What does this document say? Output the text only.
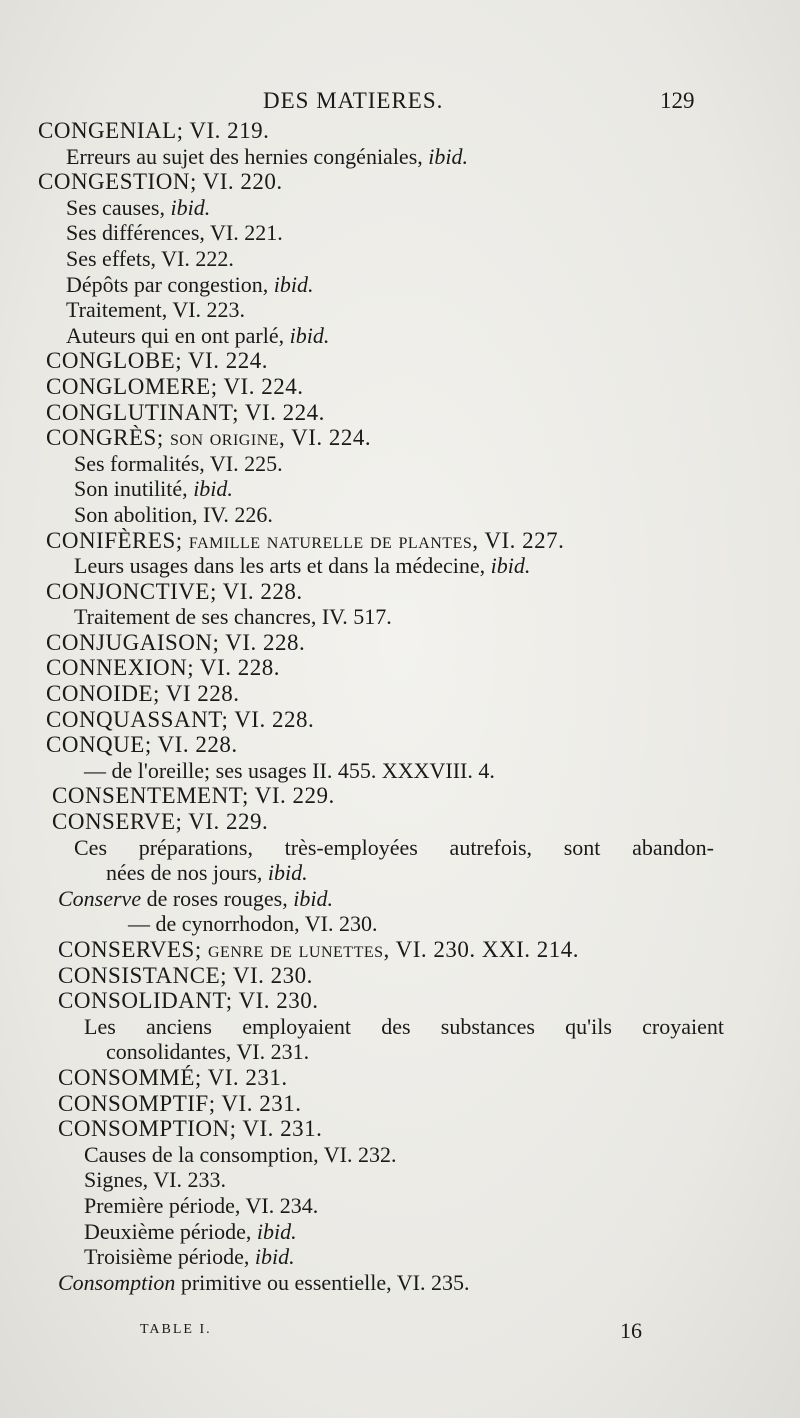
DES MATIERES.	129
CONGENIAL; VI. 219.
Erreurs au sujet des hernies congéniales, ibid.
CONGESTION; VI. 220.
Ses causes, ibid.
Ses différences, VI. 221.
Ses effets, VI. 222.
Dépôts par congestion, ibid.
Traitement, VI. 223.
Auteurs qui en ont parlé, ibid.
CONGLOBE; VI. 224.
CONGLOMERE; VI. 224.
CONGLUTINANT; VI. 224.
CONGRÈS; son origine, VI. 224.
Ses formalités, VI. 225.
Son inutilité, ibid.
Son abolition, IV. 226.
CONIFÈRES; famille naturelle de plantes, VI. 227.
Leurs usages dans les arts et dans la médecine, ibid.
CONJONCTIVE; VI. 228.
Traitement de ses chancres, IV. 517.
CONJUGAISON; VI. 228.
CONNEXION; VI. 228.
CONOIDE; VI 228.
CONQUASSANT; VI. 228.
CONQUE; VI. 228.
— de l'oreille; ses usages II. 455. XXXVIII. 4.
CONSENTEMENT; VI. 229.
CONSERVE; VI. 229.
Ces préparations, très-employées autrefois, sont abandon-
nées de nos jours, ibid.
Conserve de roses rouges, ibid.
— de cynorrhodon, VI. 230.
CONSERVES; genre de lunettes, VI. 230. XXI. 214.
CONSISTANCE; VI. 230.
CONSOLIDANT; VI. 230.
Les anciens employaient des substances qu'ils croyaient
consolidantes, VI. 231.
CONSOMMÉ; VI. 231.
CONSOMPTIF; VI. 231.
CONSOMPTION; VI. 231.
Causes de la consomption, VI. 232.
Signes, VI. 233.
Première période, VI. 234.
Deuxième période, ibid.
Troisième période, ibid.
Consomption primitive ou essentielle, VI. 235.
TABLE I.	16
